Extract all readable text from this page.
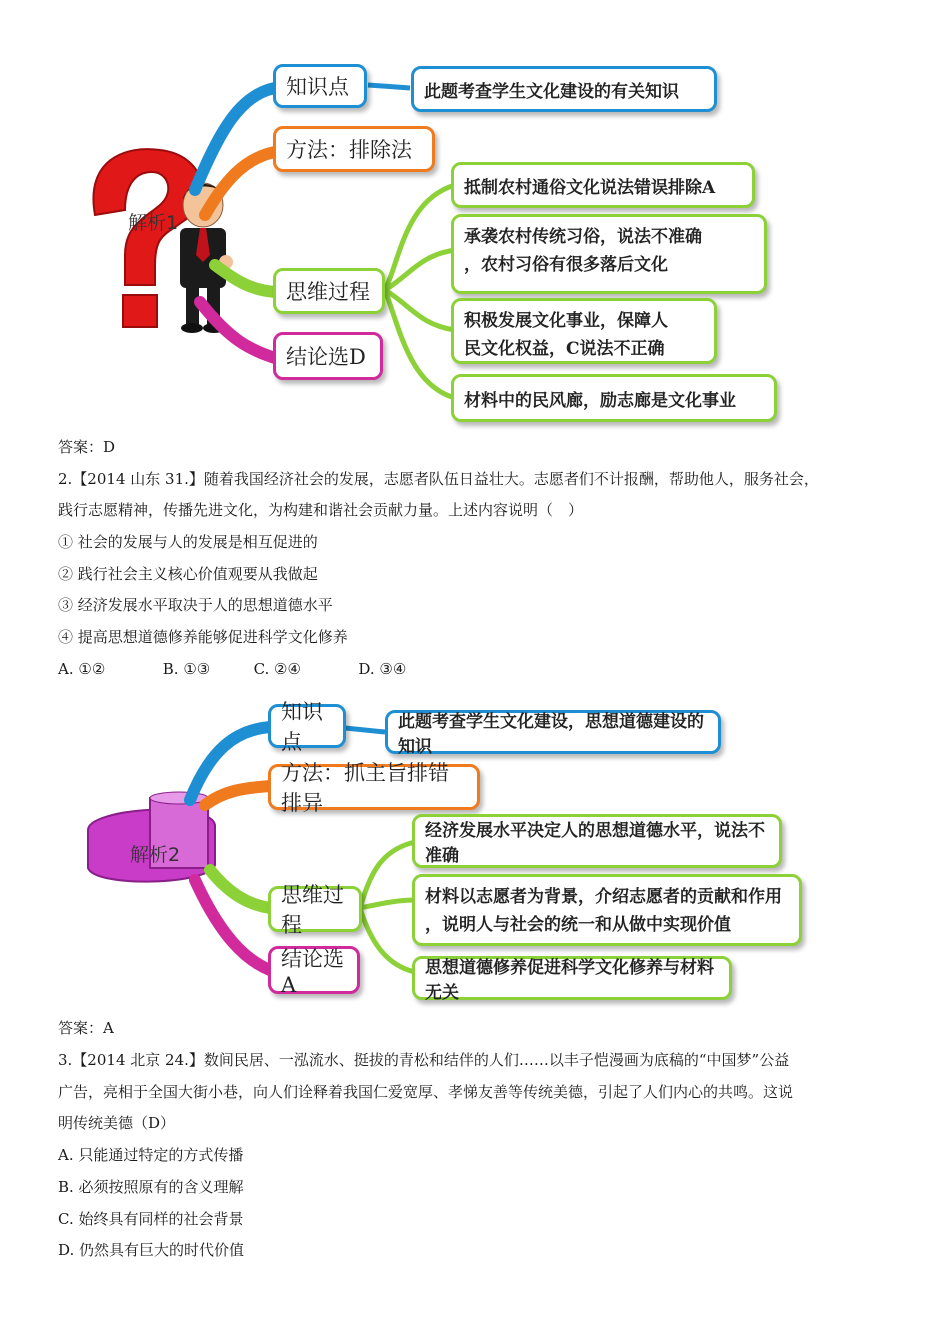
解析1
知识点	此题考查学生文化建设的有关知识
方法：排除法
思维过程
结论选D
抵制农村通俗文化说法错误排除A
承袭农村传统习俗，说法不准确
，农村习俗有很多落后文化
积极发展文化事业，保障人
民文化权益，C说法不正确
材料中的民风廊，励志廊是文化事业
答案：D
2.【2014 山东 31.】随着我国经济社会的发展，志愿者队伍日益壮大。志愿者们不计报酬，帮助他人，服务社会，
践行志愿精神，传播先进文化，为构建和谐社会贡献力量。上述内容说明（　）
① 社会的发展与人的发展是相互促进的
② 践行社会主义核心价值观要从我做起
③ 经济发展水平取决于人的思想道德水平
④ 提高思想道德修养能够促进科学文化修养
A. ①②	B. ①③	C. ②④	D. ③④
解析2
知识点
此题考查学生文化建设，思想道德建设的知识
方法：抓主旨排错排异
思维过程
结论选A
经济发展水平决定人的思想道德水平，说法不准确
材料以志愿者为背景，介绍志愿者的贡献和作用
，说明人与社会的统一和从做中实现价值
思想道德修养促进科学文化修养与材料无关
答案：A
3.【2014 北京 24.】数间民居、一泓流水、挺拔的青松和结伴的人们……以丰子恺漫画为底稿的“中国梦”公益
广告，亮相于全国大街小巷，向人们诠释着我国仁爱宽厚、孝悌友善等传统美德，引起了人们内心的共鸣。这说
明传统美德（D）
A. 只能通过特定的方式传播
B. 必须按照原有的含义理解
C. 始终具有同样的社会背景
D. 仍然具有巨大的时代价值
